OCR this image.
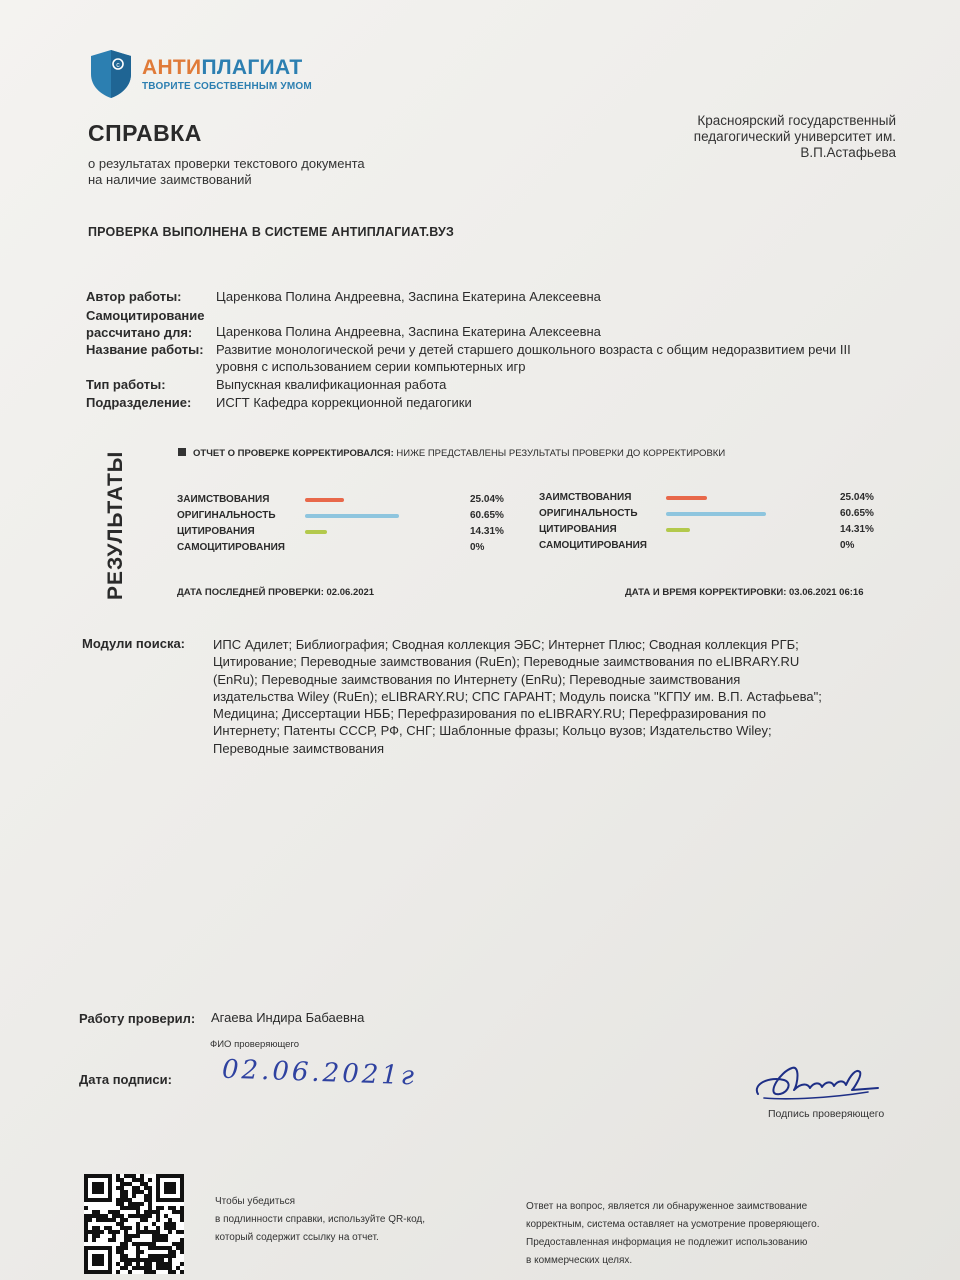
c АНТИПЛАГИАТ
ТВОРИТЕ СОБСТВЕННЫМ УМОМ
СПРАВКА
о результатах проверки текстового документа
на наличие заимствований
Красноярский государственный
педагогический университет им.
В.П.Астафьева
ПРОВЕРКА ВЫПОЛНЕНА В СИСТЕМЕ АНТИПЛАГИАТ.ВУЗ
Автор работы:	Царенкова Полина Андреевна, Заспина Екатерина Алексеевна
Самоцитирование
рассчитано для:	Царенкова Полина Андреевна, Заспина Екатерина Алексеевна
Название работы: Развитие монологической речи у детей старшего дошкольного возраста с общим недоразвитием речи III уровня с использованием серии компьютерных игр
Тип работы:	Выпускная квалификационная работа
Подразделение:	ИСГТ Кафедра коррекционной педагогики
РЕЗУЛЬТАТЫ	ОТЧЕТ О ПРОВЕРКЕ КОРРЕКТИРОВАЛСЯ: НИЖЕ ПРЕДСТАВЛЕНЫ РЕЗУЛЬТАТЫ ПРОВЕРКИ ДО КОРРЕКТИРОВКИ
ЗАИМСТВОВАНИЯ	25.04%
ОРИГИНАЛЬНОСТЬ	60.65%
ЦИТИРОВАНИЯ	14.31%
САМОЦИТИРОВАНИЯ	0%
ЗАИМСТВОВАНИЯ	25.04%
ОРИГИНАЛЬНОСТЬ	60.65%
ЦИТИРОВАНИЯ	14.31%
САМОЦИТИРОВАНИЯ	0%
ДАТА ПОСЛЕДНЕЙ ПРОВЕРКИ: 02.06.2021	ДАТА И ВРЕМЯ КОРРЕКТИРОВКИ: 03.06.2021 06:16
Модули поиска: ИПС Адилет; Библиография; Сводная коллекция ЭБС; Интернет Плюс; Сводная коллекция РГБ;
Цитирование; Переводные заимствования (RuEn); Переводные заимствования по eLIBRARY.RU
(EnRu); Переводные заимствования по Интернету (EnRu); Переводные заимствования
издательства Wiley (RuEn); eLIBRARY.RU; СПС ГАРАНТ; Модуль поиска "КГПУ им. В.П. Астафьева";
Медицина; Диссертации НББ; Перефразирования по eLIBRARY.RU; Перефразирования по
Интернету; Патенты СССР, РФ, СНГ; Шаблонные фразы; Кольцо вузов; Издательство Wiley;
Переводные заимствования
Работу проверил: Агаева Индира Бабаевна
ФИО проверяющего
Дата подписи: 02.06.2021г
Подпись проверяющего
Чтобы убедиться
в подлинности справки, используйте QR-код,
который содержит ссылку на отчет.
Ответ на вопрос, является ли обнаруженное заимствование
корректным, система оставляет на усмотрение проверяющего.
Предоставленная информация не подлежит использованию
в коммерческих целях.
